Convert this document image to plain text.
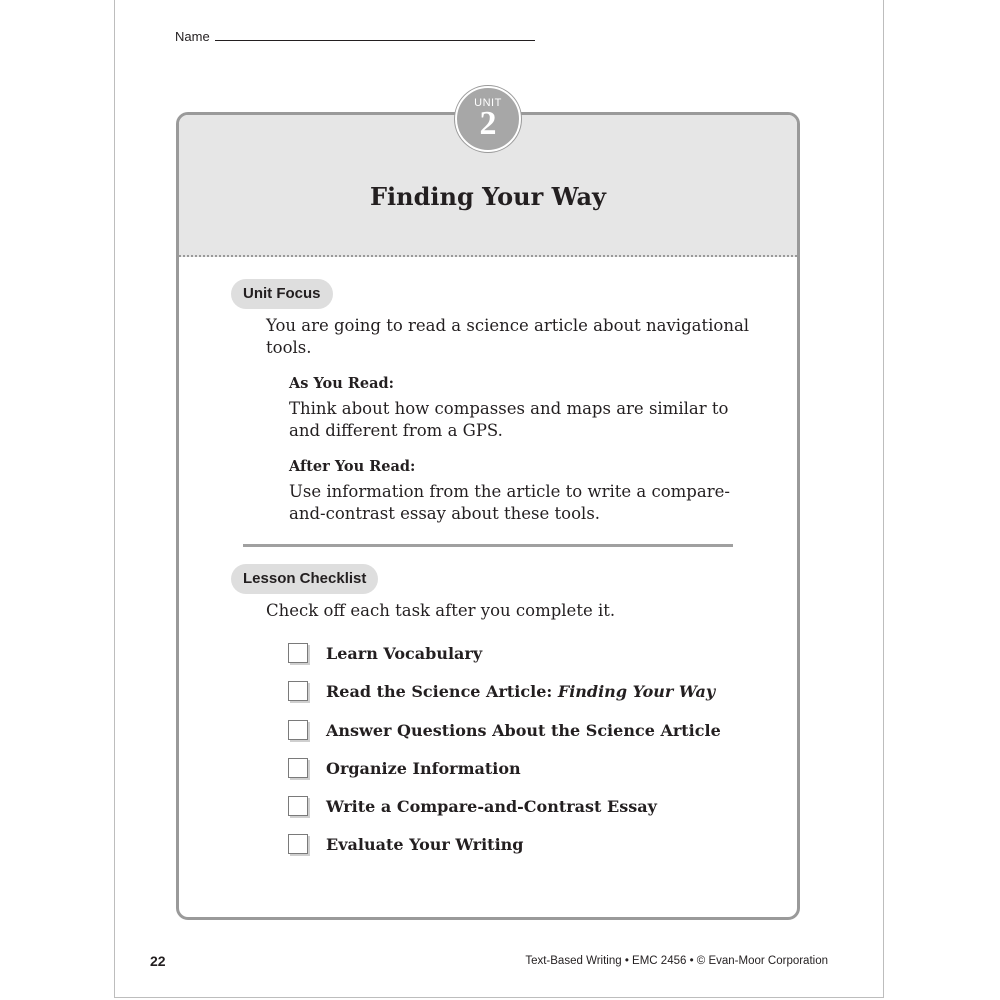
Name
UNIT
2
Finding Your Way
Unit Focus
You are going to read a science article about navigational
tools.
As You Read:
Think about how compasses and maps are similar to
and different from a GPS.
After You Read:
Use information from the article to write a compare-
and-contrast essay about these tools.
Lesson Checklist
Check off each task after you complete it.
Learn Vocabulary
Read the Science Article: Finding Your Way
Answer Questions About the Science Article
Organize Information
Write a Compare-and-Contrast Essay
Evaluate Your Writing
22	Text-Based Writing • EMC 2456 • © Evan-Moor Corporation
